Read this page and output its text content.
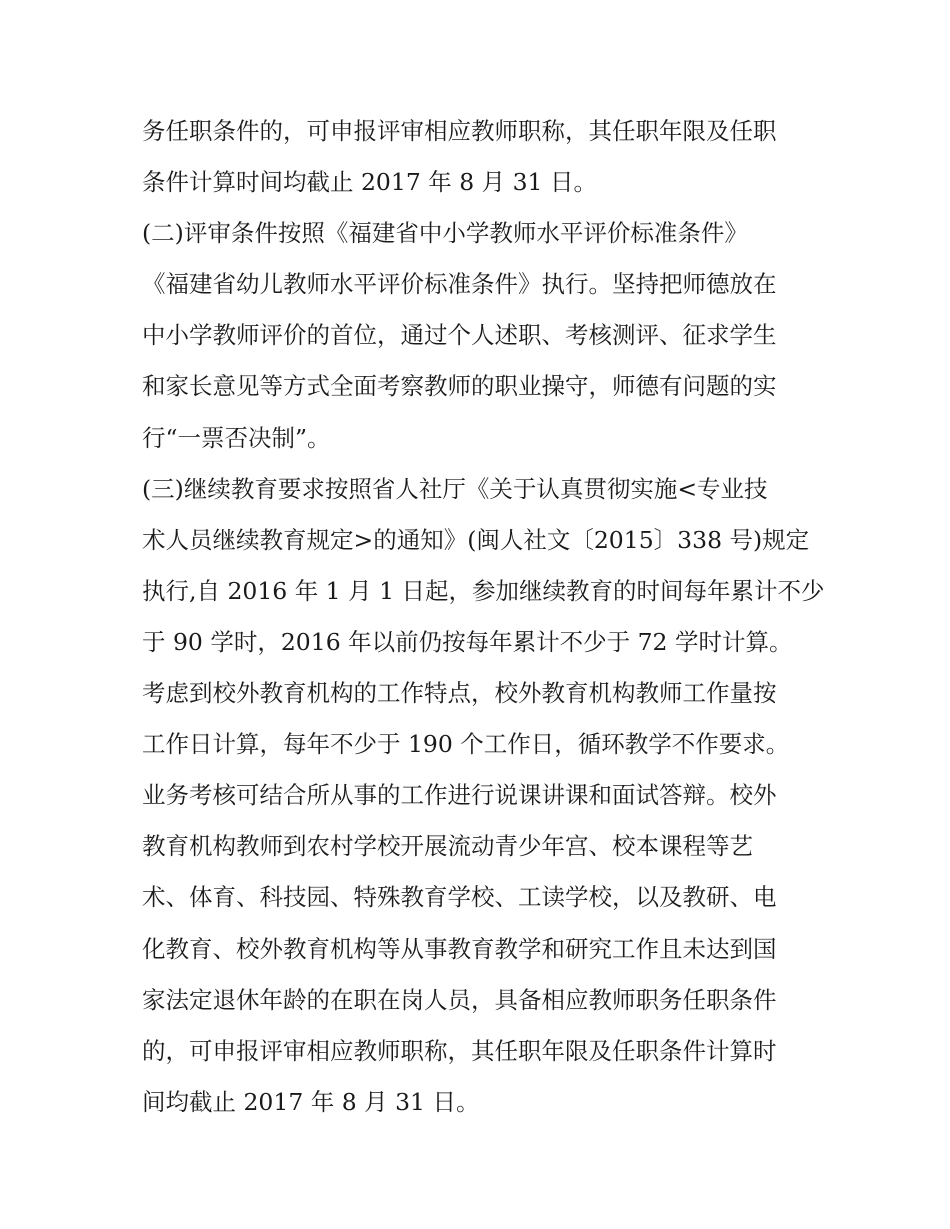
务任职条件的，可申报评审相应教师职称，其任职年限及任职
条件计算时间均截止 2017 年 8 月 31 日。
(二)评审条件按照《福建省中小学教师水平评价标准条件》
《福建省幼儿教师水平评价标准条件》执行。坚持把师德放在
中小学教师评价的首位，通过个人述职、考核测评、征求学生
和家长意见等方式全面考察教师的职业操守，师德有问题的实
行“一票否决制”。
(三)继续教育要求按照省人社厅《关于认真贯彻实施<专业技
术人员继续教育规定>的通知》(闽人社文〔2015〕338 号)规定
执行,自 2016 年 1 月 1 日起，参加继续教育的时间每年累计不少
于 90 学时，2016 年以前仍按每年累计不少于 72 学时计算。
考虑到校外教育机构的工作特点，校外教育机构教师工作量按
工作日计算，每年不少于 190 个工作日，循环教学不作要求。
业务考核可结合所从事的工作进行说课讲课和面试答辩。校外
教育机构教师到农村学校开展流动青少年宫、校本课程等艺
术、体育、科技园、特殊教育学校、工读学校，以及教研、电
化教育、校外教育机构等从事教育教学和研究工作且未达到国
家法定退休年龄的在职在岗人员，具备相应教师职务任职条件
的，可申报评审相应教师职称，其任职年限及任职条件计算时
间均截止 2017 年 8 月 31 日。
